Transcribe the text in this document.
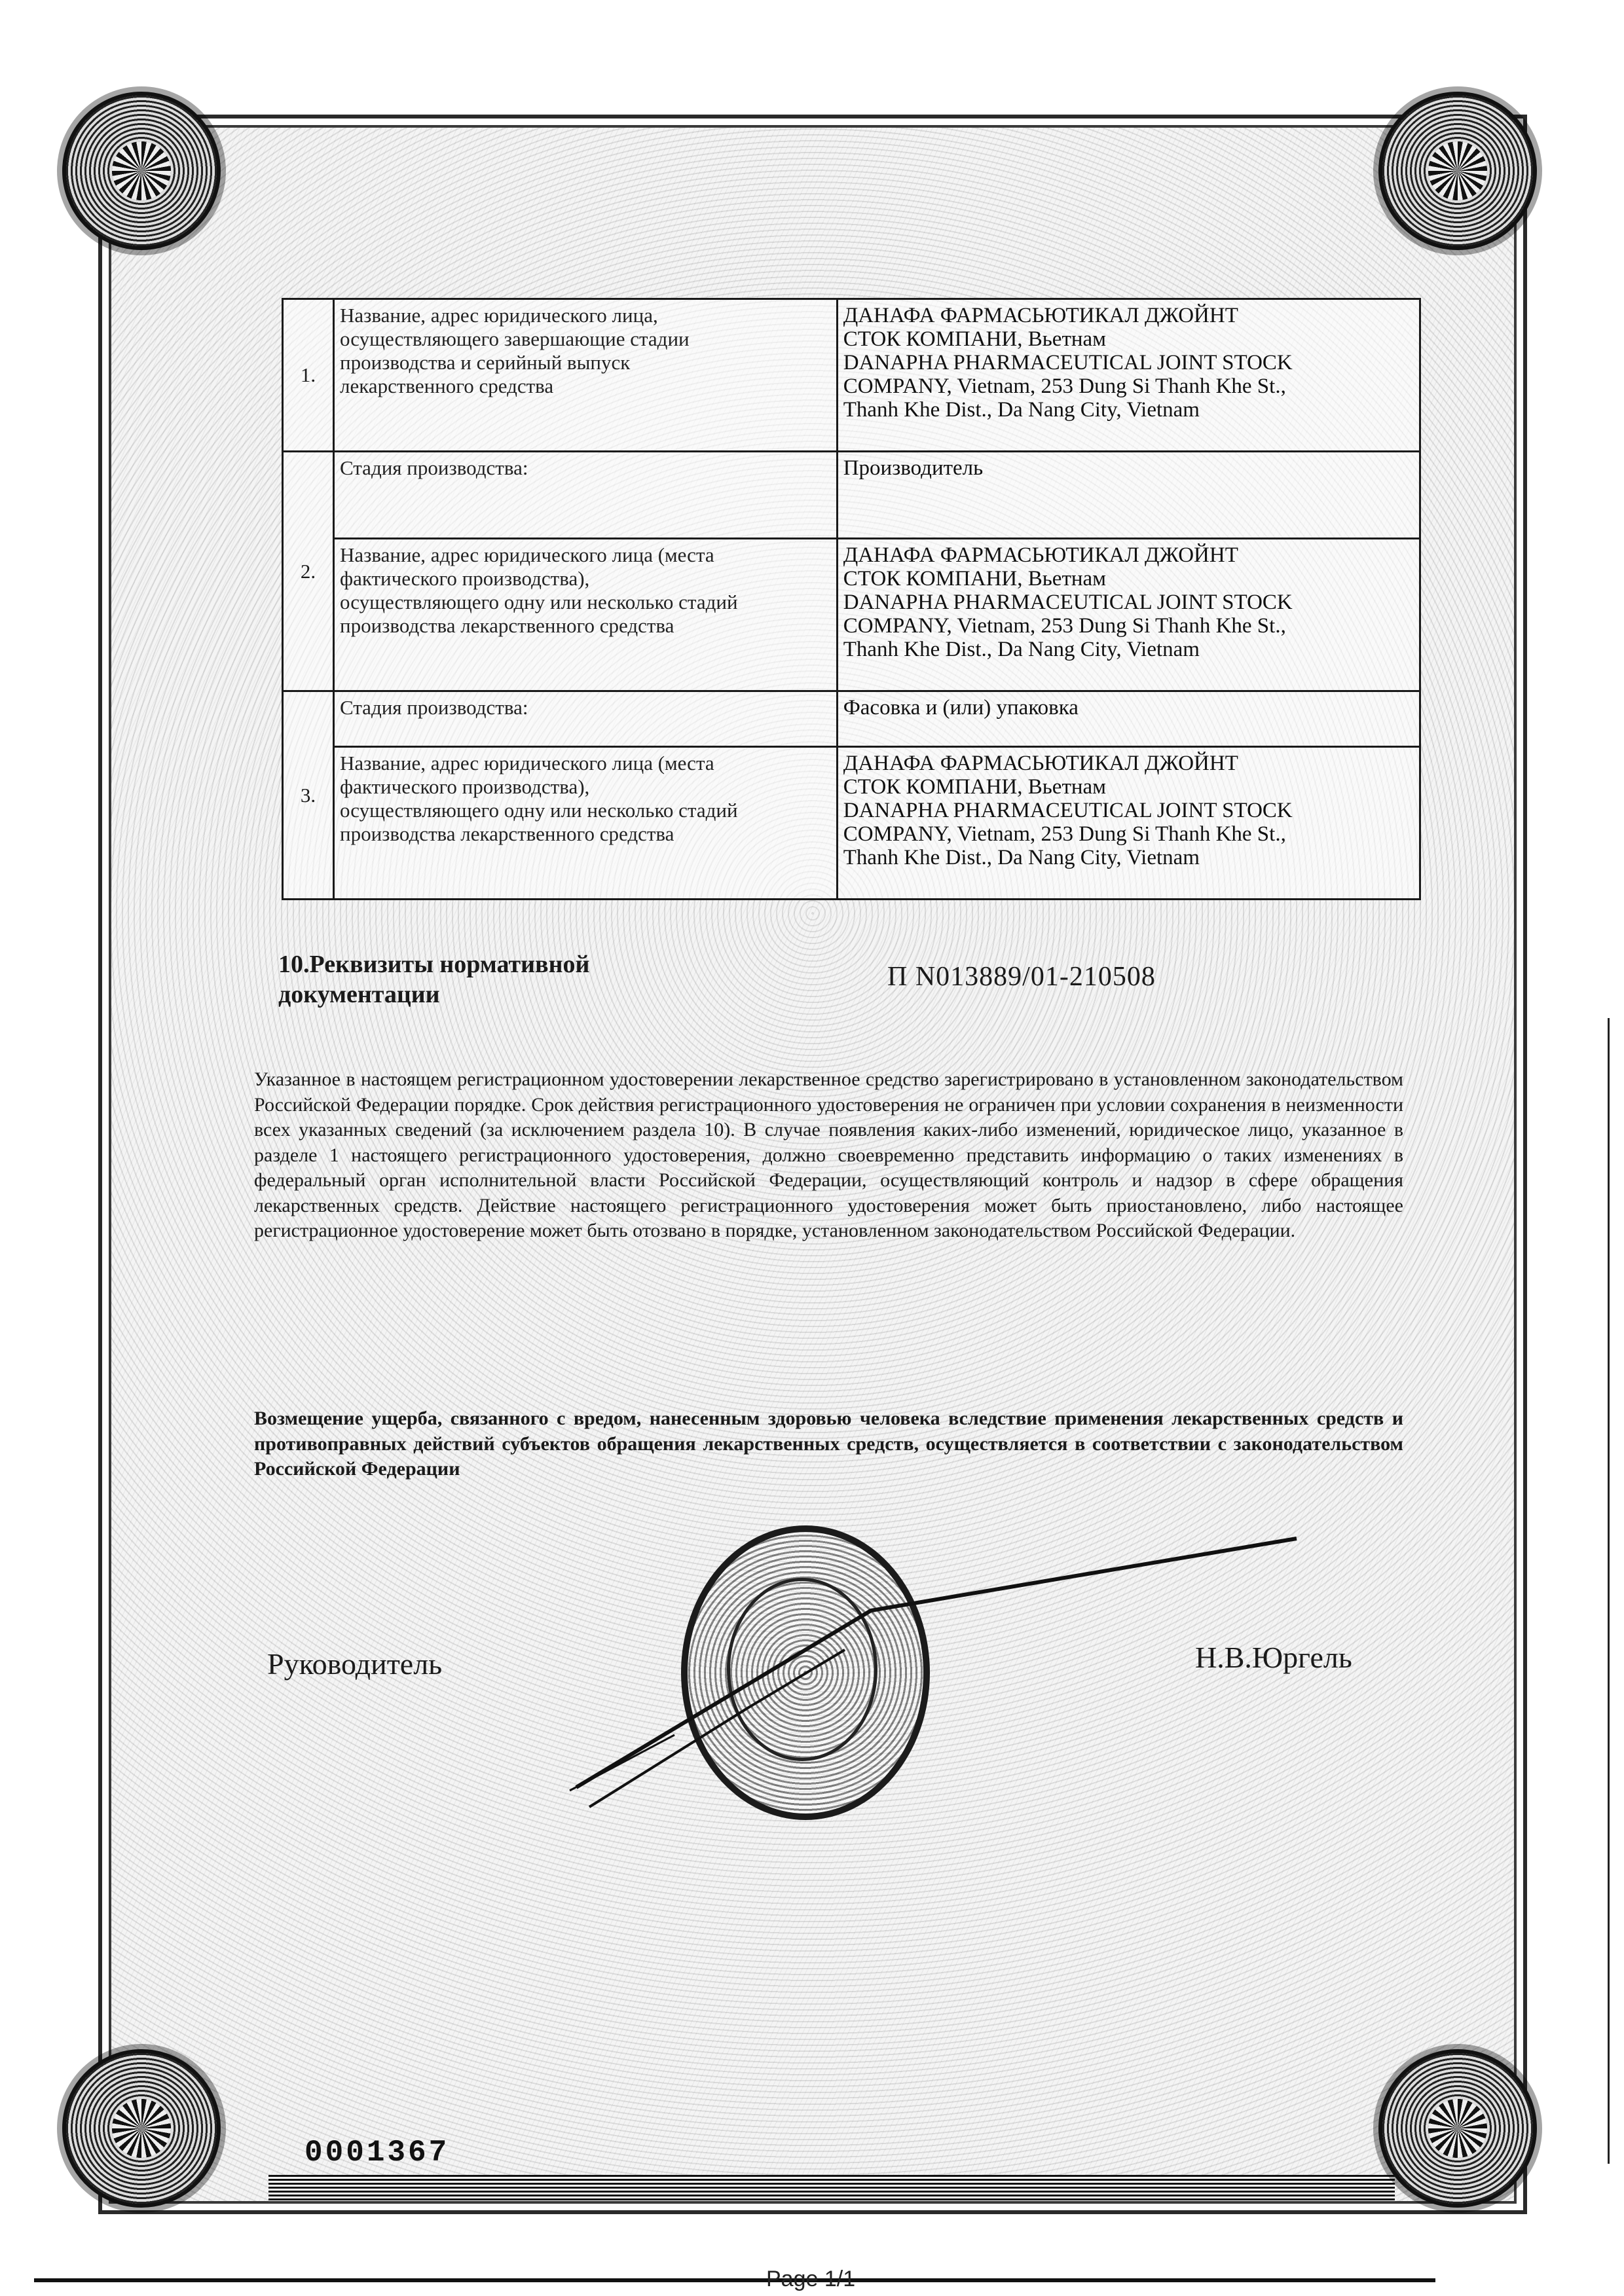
1.	Название, адрес юридического лица,
осуществляющего завершающие стадии
производства и серийный выпуск
лекарственного средства	ДАНАФА ФАРМАСЬЮТИКАЛ ДЖОЙНТ
СТОК КОМПАНИ, Вьетнам
DANAPHA PHARMACEUTICAL JOINT STOCK
COMPANY, Vietnam, 253 Dung Si Thanh Khe St.,
Thanh Khe Dist., Da Nang City, Vietnam

2.	Стадия производства:	Производитель

	Название, адрес юридического лица (места
фактического производства),
осуществляющего одну или несколько стадий
производства лекарственного средства	ДАНАФА ФАРМАСЬЮТИКАЛ ДЖОЙНТ
СТОК КОМПАНИ, Вьетнам
DANAPHA PHARMACEUTICAL JOINT STOCK
COMPANY, Vietnam, 253 Dung Si Thanh Khe St.,
Thanh Khe Dist., Da Nang City, Vietnam

3.	Стадия производства:	Фасовка и (или) упаковка

	Название, адрес юридического лица (места
фактического производства),
осуществляющего одну или несколько стадий
производства лекарственного средства	ДАНАФА ФАРМАСЬЮТИКАЛ ДЖОЙНТ
СТОК КОМПАНИ, Вьетнам
DANAPHA PHARMACEUTICAL JOINT STOCK
COMPANY, Vietnam, 253 Dung Si Thanh Khe St.,
Thanh Khe Dist., Da Nang City, Vietnam
10.Реквизиты нормативной
документации
П N013889/01-210508
Указанное в настоящем регистрационном удостоверении лекарственное средство зарегистрировано в установленном законодательством Российской Федерации порядке. Срок действия регистрационного удостоверения не ограничен при условии сохранения в неизменности всех указанных сведений (за исключением раздела 10). В случае появления каких-либо изменений, юридическое лицо, указанное в разделе 1 настоящего регистрационного удостоверения, должно своевременно представить информацию о таких изменениях в федеральный орган исполнительной власти Российской Федерации, осуществляющий контроль и надзор в сфере обращения лекарственных средств. Действие настоящего регистрационного удостоверения может быть приостановлено, либо настоящее регистрационное удостоверение может быть отозвано в порядке, установленном законодательством Российской Федерации.
Возмещение ущерба, связанного с вредом, нанесенным здоровью человека вследствие применения лекарственных средств и противоправных действий субъектов обращения лекарственных средств, осуществляется в соответствии с законодательством Российской Федерации
Руководитель	Н.В.Юргель
0001367
Page 1/1
